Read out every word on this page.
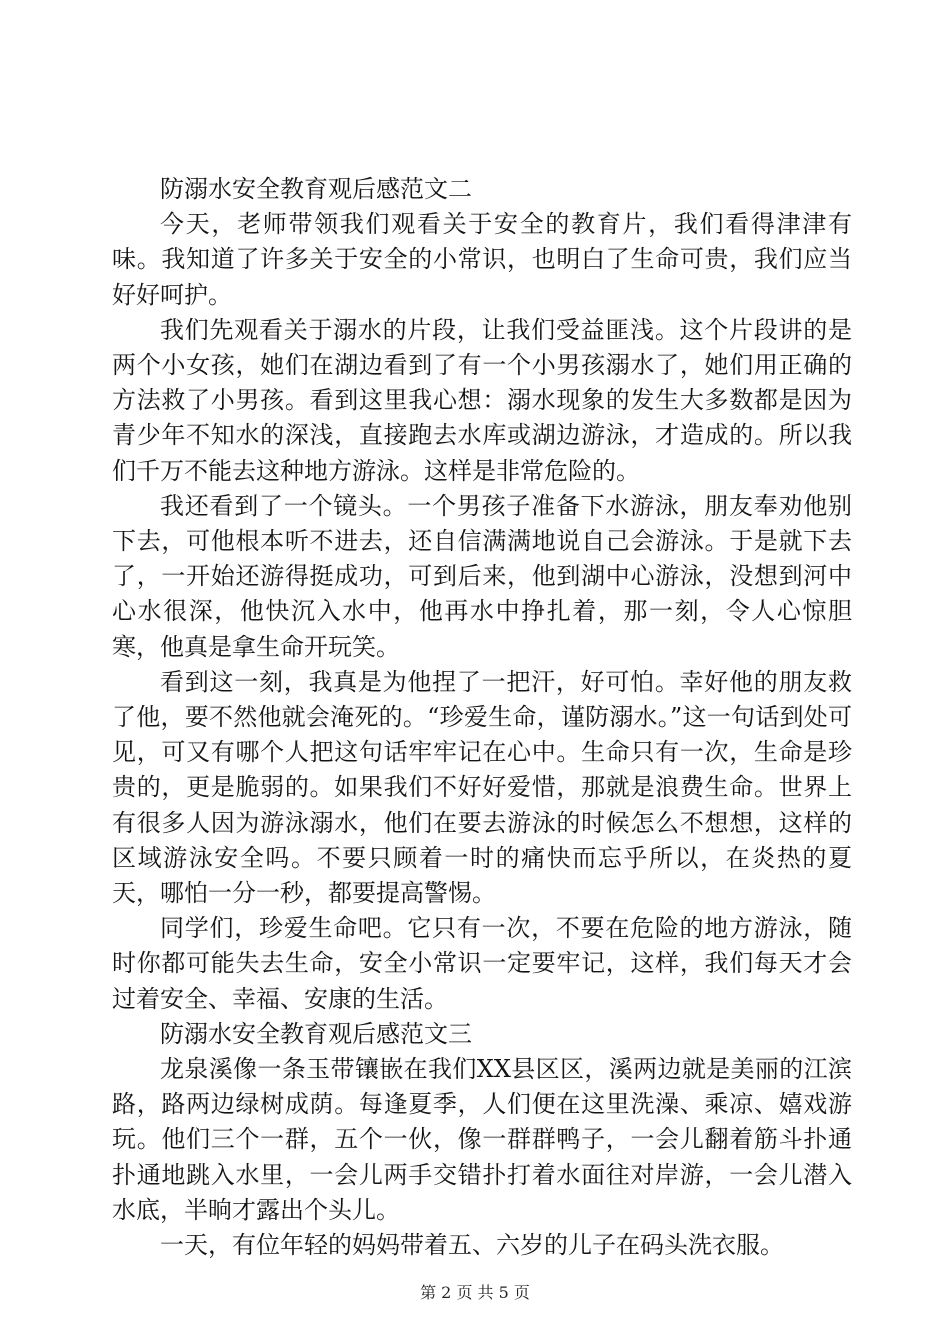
防溺水安全教育观后感范文二

今天，老师带领我们观看关于安全的教育片，我们看得津津有味。我知道了许多关于安全的小常识，也明白了生命可贵，我们应当好好呵护。

我们先观看关于溺水的片段，让我们受益匪浅。这个片段讲的是两个小女孩，她们在湖边看到了有一个小男孩溺水了，她们用正确的方法救了小男孩。看到这里我心想：溺水现象的发生大多数都是因为青少年不知水的深浅，直接跑去水库或湖边游泳，才造成的。所以我们千万不能去这种地方游泳。这样是非常危险的。

我还看到了一个镜头。一个男孩子准备下水游泳，朋友奉劝他别下去，可他根本听不进去，还自信满满地说自己会游泳。于是就下去了，一开始还游得挺成功，可到后来，他到湖中心游泳，没想到河中心水很深，他快沉入水中，他再水中挣扎着，那一刻，令人心惊胆寒，他真是拿生命开玩笑。

看到这一刻，我真是为他捏了一把汗，好可怕。幸好他的朋友救了他，要不然他就会淹死的。“珍爱生命，谨防溺水。”这一句话到处可见，可又有哪个人把这句话牢牢记在心中。生命只有一次，生命是珍贵的，更是脆弱的。如果我们不好好爱惜，那就是浪费生命。世界上有很多人因为游泳溺水，他们在要去游泳的时候怎么不想想，这样的区域游泳安全吗。不要只顾着一时的痛快而忘乎所以，在炎热的夏天，哪怕一分一秒，都要提高警惕。

同学们，珍爱生命吧。它只有一次，不要在危险的地方游泳，随时你都可能失去生命，安全小常识一定要牢记，这样，我们每天才会过着安全、幸福、安康的生活。

防溺水安全教育观后感范文三

龙泉溪像一条玉带镶嵌在我们XX县区区，溪两边就是美丽的江滨路，路两边绿树成荫。每逢夏季，人们便在这里洗澡、乘凉、嬉戏游玩。他们三个一群，五个一伙，像一群群鸭子，一会儿翻着筋斗扑通扑通地跳入水里，一会儿两手交错扑打着水面往对岸游，一会儿潜入水底，半晌才露出个头儿。

一天，有位年轻的妈妈带着五、六岁的儿子在码头洗衣服。

第 2 页 共 5 页
